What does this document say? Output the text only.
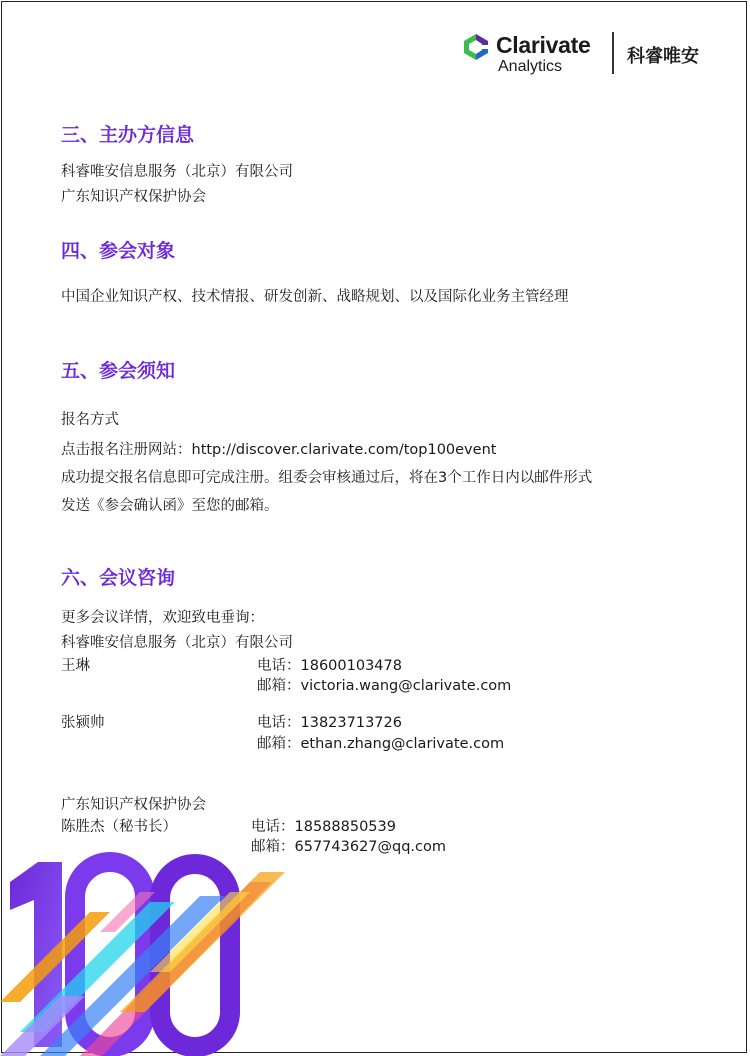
Clarivate
Analytics	科睿唯安
三、主办方信息

科睿唯安信息服务（北京）有限公司

广东知识产权保护协会

四、参会对象

中国企业知识产权、技术情报、研发创新、战略规划、以及国际化业务主管经理

五、参会须知

报名方式

点击报名注册网站：http://discover.clarivate.com/top100event

成功提交报名信息即可完成注册。组委会审核通过后，将在3个工作日内以邮件形式

发送《参会确认函》至您的邮箱。

六、会议咨询

更多会议详情，欢迎致电垂询：

科睿唯安信息服务（北京）有限公司

王琳	电话：18600103478

邮箱：victoria.wang@clarivate.com

张颍帅	电话：13823713726

邮箱：ethan.zhang@clarivate.com

广东知识产权保护协会

陈胜杰（秘书长）	电话：18588850539

邮箱：657743627@qq.com
